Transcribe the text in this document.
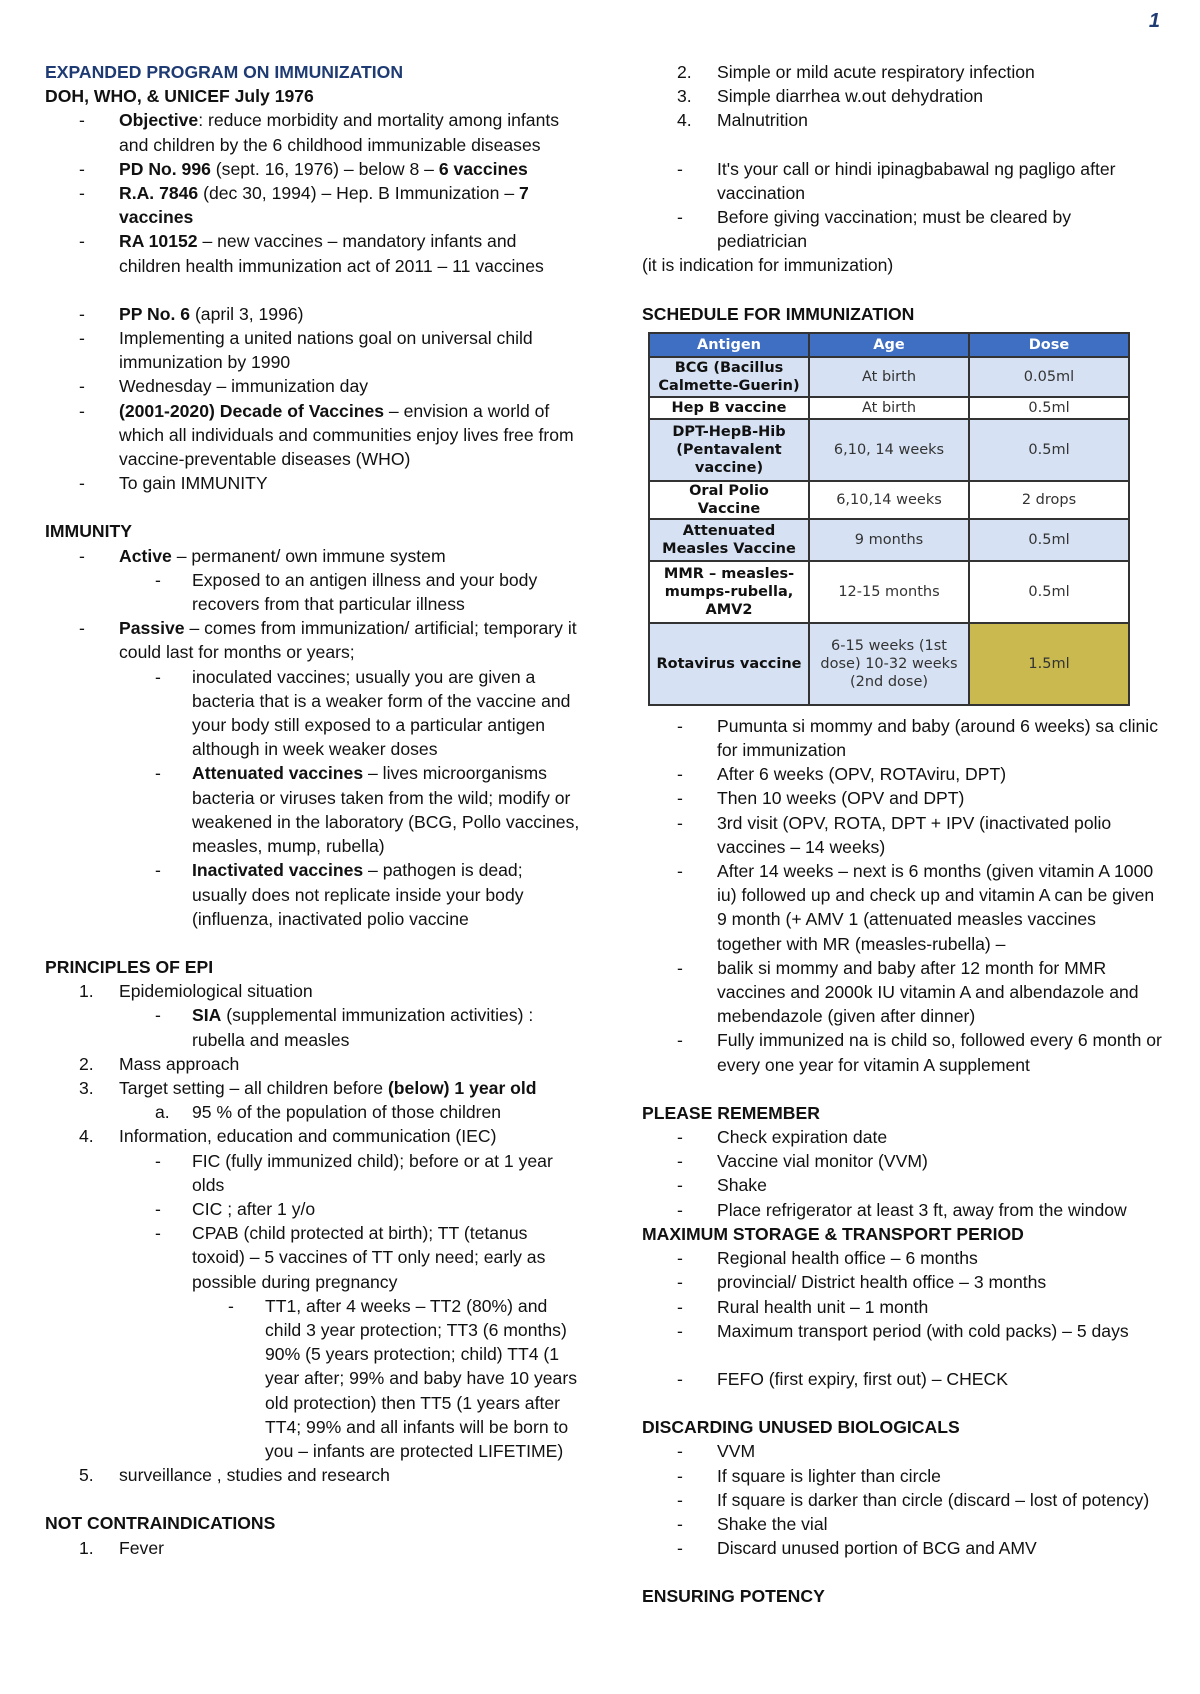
1
EXPANDED PROGRAM ON IMMUNIZATION
DOH, WHO, & UNICEF July 1976
- Objective: reduce morbidity and mortality among infants and children by the 6 childhood immunizable diseases
- PD No. 996 (sept. 16, 1976) – below 8 – 6 vaccines
- R.A. 7846 (dec 30, 1994) – Hep. B Immunization – 7 vaccines
- RA 10152 – new vaccines – mandatory infants and children health immunization act of 2011 – 11 vaccines
- PP No. 6 (april 3, 1996)
- Implementing a united nations goal on universal child immunization by 1990
- Wednesday – immunization day
- (2001-2020) Decade of Vaccines – envision a world of which all individuals and communities enjoy lives free from vaccine-preventable diseases (WHO)
- To gain IMMUNITY
IMMUNITY
- Active – permanent/ own immune system
- Exposed to an antigen illness and your body recovers from that particular illness
- Passive – comes from immunization/ artificial; temporary it could last for months or years;
- inoculated vaccines; usually you are given a bacteria that is a weaker form of the vaccine and your body still exposed to a particular antigen although in week weaker doses
- Attenuated vaccines – lives microorganisms bacteria or viruses taken from the wild; modify or weakened in the laboratory (BCG, Pollo vaccines, measles, mump, rubella)
- Inactivated vaccines – pathogen is dead; usually does not replicate inside your body (influenza, inactivated polio vaccine
PRINCIPLES OF EPI
1. Epidemiological situation
- SIA (supplemental immunization activities) : rubella and measles
2. Mass approach
3. Target setting – all children before (below) 1 year old
a. 95 % of the population of those children
4. Information, education and communication (IEC)
- FIC (fully immunized child); before or at 1 year olds
- CIC ; after 1 y/o
- CPAB (child protected at birth); TT (tetanus toxoid) – 5 vaccines of TT only need; early as possible during pregnancy
- TT1, after 4 weeks – TT2 (80%) and child 3 year protection; TT3 (6 months) 90% (5 years protection; child) TT4 (1 year after; 99% and baby have 10 years old protection) then TT5 (1 years after TT4; 99% and all infants will be born to you – infants are protected LIFETIME)
5. surveillance , studies and research
NOT CONTRAINDICATIONS
1. Fever
2. Simple or mild acute respiratory infection
3. Simple diarrhea w.out dehydration
4. Malnutrition
- It's your call or hindi ipinagbabawal ng pagligo after vaccination
- Before giving vaccination; must be cleared by pediatrician
(it is indication for immunization)
SCHEDULE FOR IMMUNIZATION
Antigen	Age	Dose
BCG (Bacillus Calmette-Guerin)	At birth	0.05ml
Hep B vaccine	At birth	0.5ml
DPT-HepB-Hib (Pentavalent vaccine)	6,10, 14 weeks	0.5ml
Oral Polio Vaccine	6,10,14 weeks	2 drops
Attenuated Measles Vaccine	9 months	0.5ml
MMR – measles-mumps-rubella, AMV2	12-15 months	0.5ml
Rotavirus vaccine	6-15 weeks (1st dose) 10-32 weeks (2nd dose)	1.5ml
- Pumunta si mommy and baby (around 6 weeks) sa clinic for immunization
- After 6 weeks (OPV, ROTAviru, DPT)
- Then 10 weeks (OPV and DPT)
- 3rd visit (OPV, ROTA, DPT + IPV (inactivated polio vaccines – 14 weeks)
- After 14 weeks – next is 6 months (given vitamin A 1000 iu) followed up and check up and vitamin A can be given 9 month (+ AMV 1 (attenuated measles vaccines together with MR (measles-rubella) –
- balik si mommy and baby after 12 month for MMR vaccines and 2000k IU vitamin A and albendazole and mebendazole (given after dinner)
- Fully immunized na is child so, followed every 6 month or every one year for vitamin A supplement
PLEASE REMEMBER
- Check expiration date
- Vaccine vial monitor (VVM)
- Shake
- Place refrigerator at least 3 ft, away from the window
MAXIMUM STORAGE & TRANSPORT PERIOD
- Regional health office – 6 months
- provincial/ District health office – 3 months
- Rural health unit – 1 month
- Maximum transport period (with cold packs) – 5 days
- FEFO (first expiry, first out) – CHECK
DISCARDING UNUSED BIOLOGICALS
- VVM
- If square is lighter than circle
- If square is darker than circle (discard – lost of potency)
- Shake the vial
- Discard unused portion of BCG and AMV
ENSURING POTENCY
